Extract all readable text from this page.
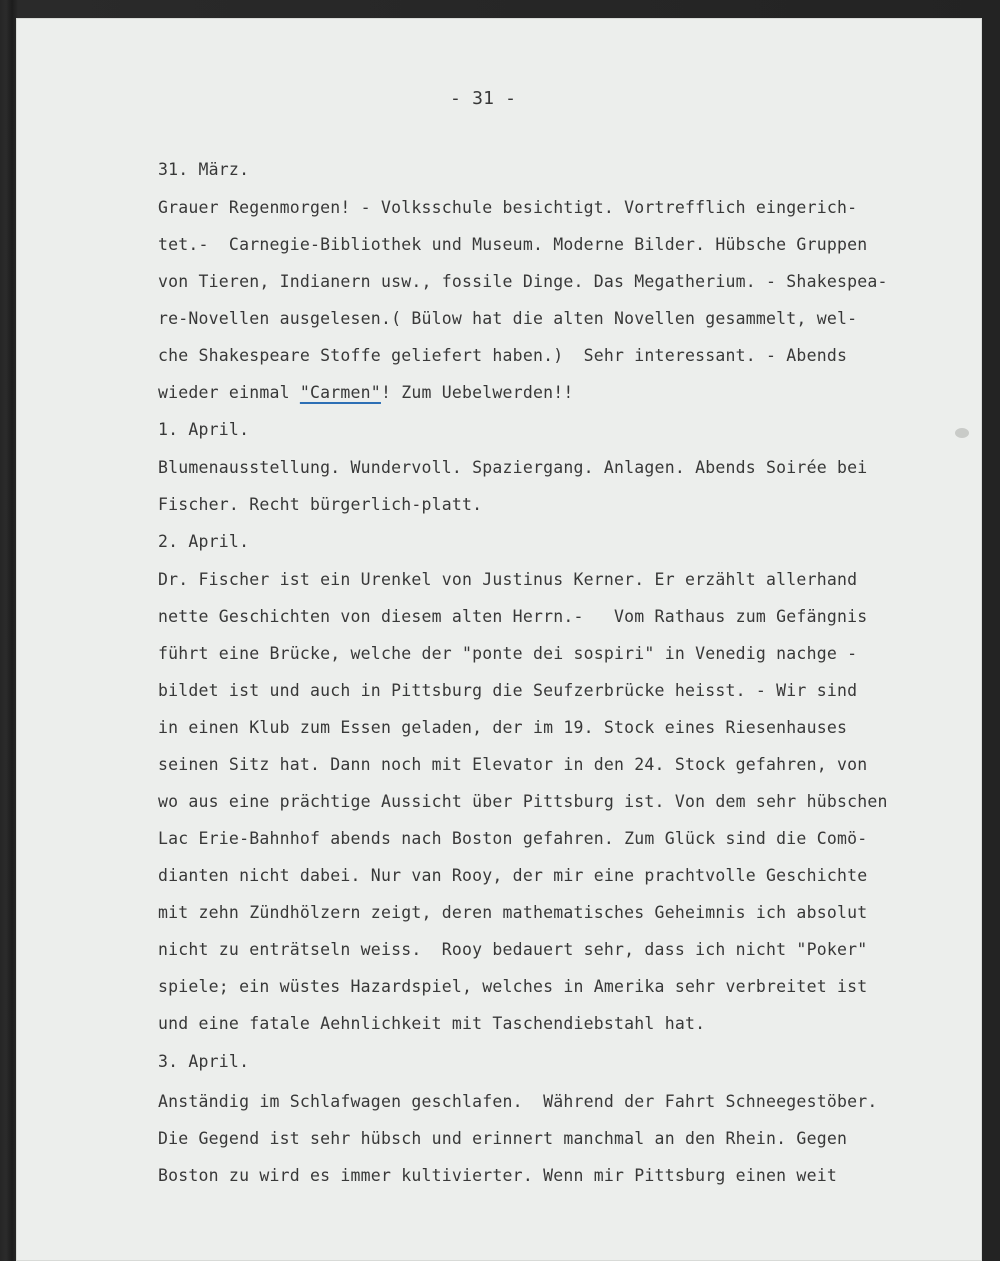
- 31 -
31. März.
Grauer Regenmorgen! - Volksschule besichtigt. Vortrefflich eingerich-
tet.-  Carnegie-Bibliothek und Museum. Moderne Bilder. Hübsche Gruppen
von Tieren, Indianern usw., fossile Dinge. Das Megatherium. - Shakespea-
re-Novellen ausgelesen.( Bülow hat die alten Novellen gesammelt, wel-
che Shakespeare Stoffe geliefert haben.)  Sehr interessant. - Abends
wieder einmal "Carmen"! Zum Uebelwerden!!
1. April.
Blumenausstellung. Wundervoll. Spaziergang. Anlagen. Abends Soirée bei
Fischer. Recht bürgerlich-platt.
2. April.
Dr. Fischer ist ein Urenkel von Justinus Kerner. Er erzählt allerhand
nette Geschichten von diesem alten Herrn.-   Vom Rathaus zum Gefängnis
führt eine Brücke, welche der "ponte dei sospiri" in Venedig nachge -
bildet ist und auch in Pittsburg die Seufzerbrücke heisst. - Wir sind
in einen Klub zum Essen geladen, der im 19. Stock eines Riesenhauses
seinen Sitz hat. Dann noch mit Elevator in den 24. Stock gefahren, von
wo aus eine prächtige Aussicht über Pittsburg ist. Von dem sehr hübschen
Lac Erie-Bahnhof abends nach Boston gefahren. Zum Glück sind die Comö-
dianten nicht dabei. Nur van Rooy, der mir eine prachtvolle Geschichte
mit zehn Zündhölzern zeigt, deren mathematisches Geheimnis ich absolut
nicht zu enträtseln weiss.  Rooy bedauert sehr, dass ich nicht "Poker"
spiele; ein wüstes Hazardspiel, welches in Amerika sehr verbreitet ist
und eine fatale Aehnlichkeit mit Taschendiebstahl hat.
3. April.
Anständig im Schlafwagen geschlafen.  Während der Fahrt Schneegestöber.
Die Gegend ist sehr hübsch und erinnert manchmal an den Rhein. Gegen
Boston zu wird es immer kultivierter. Wenn mir Pittsburg einen weit
